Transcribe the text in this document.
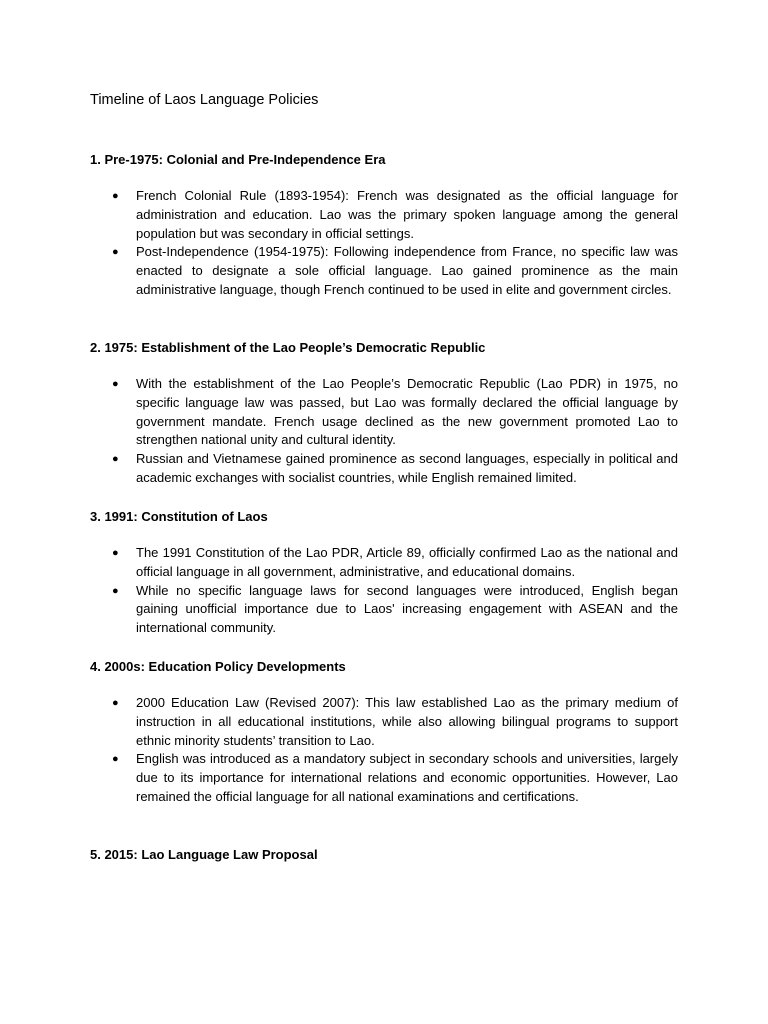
Timeline of Laos Language Policies
1. Pre-1975: Colonial and Pre-Independence Era
● French Colonial Rule (1893-1954): French was designated as the official language for administration and education. Lao was the primary spoken language among the general population but was secondary in official settings.
● Post-Independence (1954-1975): Following independence from France, no specific law was enacted to designate a sole official language. Lao gained prominence as the main administrative language, though French continued to be used in elite and government circles.
2. 1975: Establishment of the Lao People’s Democratic Republic
● With the establishment of the Lao People’s Democratic Republic (Lao PDR) in 1975, no specific language law was passed, but Lao was formally declared the official language by government mandate. French usage declined as the new government promoted Lao to strengthen national unity and cultural identity.
● Russian and Vietnamese gained prominence as second languages, especially in political and academic exchanges with socialist countries, while English remained limited.
3. 1991: Constitution of Laos
● The 1991 Constitution of the Lao PDR, Article 89, officially confirmed Lao as the national and official language in all government, administrative, and educational domains.
● While no specific language laws for second languages were introduced, English began gaining unofficial importance due to Laos' increasing engagement with ASEAN and the international community.
4. 2000s: Education Policy Developments
● 2000 Education Law (Revised 2007): This law established Lao as the primary medium of instruction in all educational institutions, while also allowing bilingual programs to support ethnic minority students’ transition to Lao.
● English was introduced as a mandatory subject in secondary schools and universities, largely due to its importance for international relations and economic opportunities. However, Lao remained the official language for all national examinations and certifications.
5. 2015: Lao Language Law Proposal
